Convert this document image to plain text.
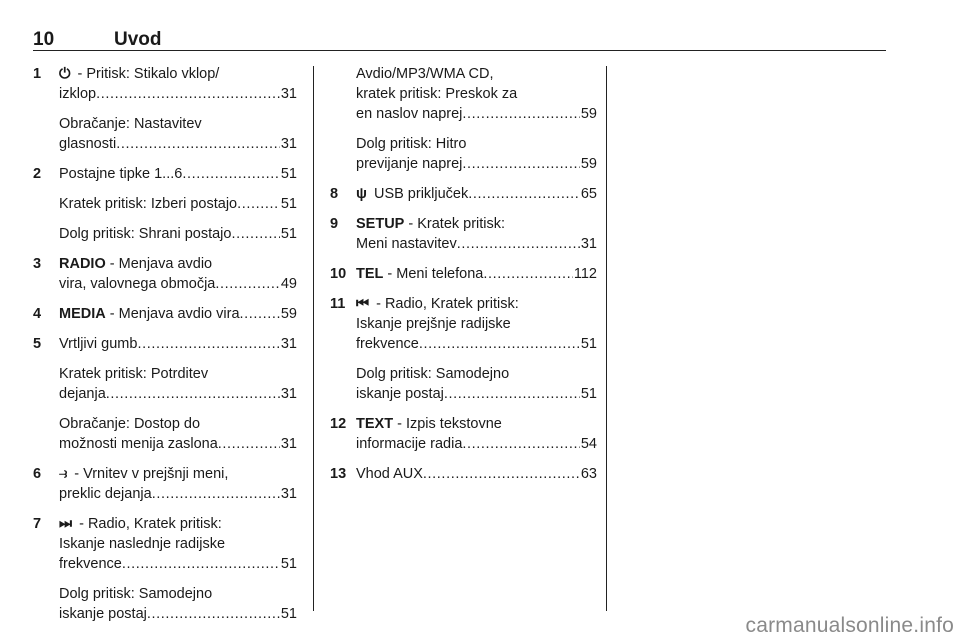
10	Uvod
1 ⏻ - Pritisk: Stikalo vklop/
izklop .....	31
Obračanje: Nastavitev
glasnosti .....	31
2 Postajne tipke 1...6 .....	51
Kratek pritisk: Izberi postajo .....	51
Dolg pritisk: Shrani postajo .....	51
3 RADIO - Menjava avdio
vira, valovnega območja .....	49
4 MEDIA - Menjava avdio vira .....	59
5 Vrtljivi gumb .....	31
Kratek pritisk: Potrditev
dejanja .....	31
Obračanje: Dostop do
možnosti menija zaslona .....	31
6 ⥽ - Vrnitev v prejšnji meni,
preklic dejanja .....	31
7 ⏭ - Radio, Kratek pritisk:
Iskanje naslednje radijske
frekvence .....	51
Dolg pritisk: Samodejno
iskanje postaj .....	51
Avdio/MP3/WMA CD,
kratek pritisk: Preskok za
en naslov naprej .....	59
Dolg pritisk: Hitro
previjanje naprej .....	59
8 ψ USB priključek .....	65
9 SETUP - Kratek pritisk:
Meni nastavitev .....	31
10 TEL - Meni telefona .....	112
11 ⏮ - Radio, Kratek pritisk:
Iskanje prejšnje radijske
frekvence .....	51
Dolg pritisk: Samodejno
iskanje postaj .....	51
12 TEXT - Izpis tekstovne
informacije radia .....	54
13 Vhod AUX .....	63
carmanualsonline.info
